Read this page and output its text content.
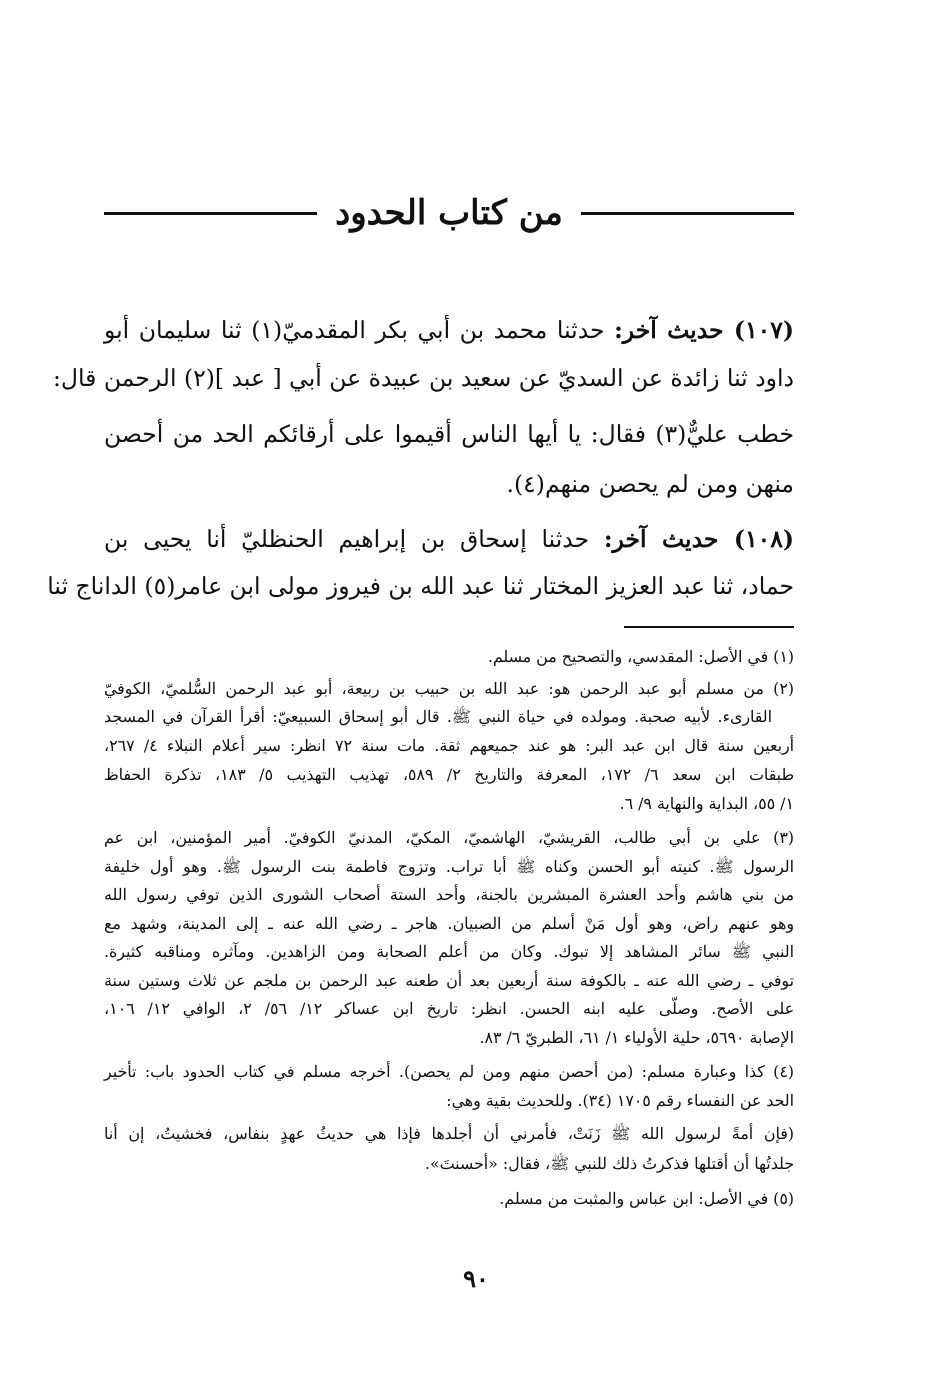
من كتاب الحدود
(١٠٧) حديث آخر: حدثنا محمد بن أبي بكر المقدميّ(١) ثنا سليمان أبو
داود ثنا زائدة عن السديّ عن سعيد بن عبيدة عن أبي [ عبد ](٢) الرحمن قال:
خطب عليٌّ(٣) فقال: يا أيها الناس أقيموا على أرقائكم الحد من أحصن
منهن ومن لم يحصن منهم(٤).
(١٠٨) حديث آخر: حدثنا إسحاق بن إبراهيم الحنظليّ أنا يحيى بن
حماد، ثنا عبد العزيز المختار ثنا عبد الله بن فيروز مولى ابن عامر(٥) الداناج ثنا
(١) في الأصل: المقدسي، والتصحيح من مسلم.
(٢) من مسلم أبو عبد الرحمن هو: عبد الله بن حبيب بن ربيعة، أبو عبد الرحمن السُّلميّ، الكوفيّ
القارىء. لأبيه صحبة. ومولده في حياة النبي ﷺ. قال أبو إسحاق السبيعيّ: أقرأ القرآن في المسجد
أربعين سنة قال ابن عبد البر: هو عند جميعهم ثقة. مات سنة ٧٢ انظر: سير أعلام النبلاء ٤/ ٢٦٧،
طبقات ابن سعد ٦/ ١٧٢، المعرفة والتاريخ ٢/ ٥٨٩، تهذيب التهذيب ٥/ ١٨٣، تذكرة الحفاظ
١/ ٥٥، البداية والنهاية ٩/ ٦.
(٣) علي بن أبي طالب، القريشيّ، الهاشميّ، المكيّ، المدنيّ الكوفيّ. أمير المؤمنين، ابن عم
الرسول ﷺ. كنيته أبو الحسن وكناه ﷺ أبا تراب. وتزوج فاطمة بنت الرسول ﷺ. وهو أول خليفة
من بني هاشم وأحد العشرة المبشرين بالجنة، وأحد الستة أصحاب الشورى الذين توفي رسول الله
وهو عنهم راض، وهو أول مَنْ أسلم من الصبيان. هاجر ـ رضي الله عنه ـ إلى المدينة، وشهد مع
النبي ﷺ سائر المشاهد إلا تبوك. وكان من أعلم الصحابة ومن الزاهدين. ومآثره ومناقبه كثيرة.
توفي ـ رضي الله عنه ـ بالكوفة سنة أربعين بعد أن طعنه عبد الرحمن بن ملجم عن ثلاث وستين سنة
على الأصح. وصلّى عليه ابنه الحسن. انظر: تاريخ ابن عساكر ١٢/ ٥٦/ ٢، الوافي ١٢/ ١٠٦،
الإصابة ٥٦٩٠، حلية الأولياء ١/ ٦١، الطبريّ ٦/ ٨٣.
(٤) كذا وعبارة مسلم: (من أحصن منهم ومن لم يحصن). أخرجه مسلم في كتاب الحدود باب: تأخير
الحد عن النفساء رقم ١٧٠٥ (٣٤). وللحديث بقية وهي:
(فإن أمةً لرسول الله ﷺ زَنَتْ، فأمرني أن أجلدها فإذا هي حديثُ عهدٍ بنفاس، فخشيتُ، إن أنا
جلدتُها أن أقتلها فذكرتُ ذلك للنبي ﷺ، فقال: «أحسنتَ».
(٥) في الأصل: ابن عباس والمثبت من مسلم.
٩٠
